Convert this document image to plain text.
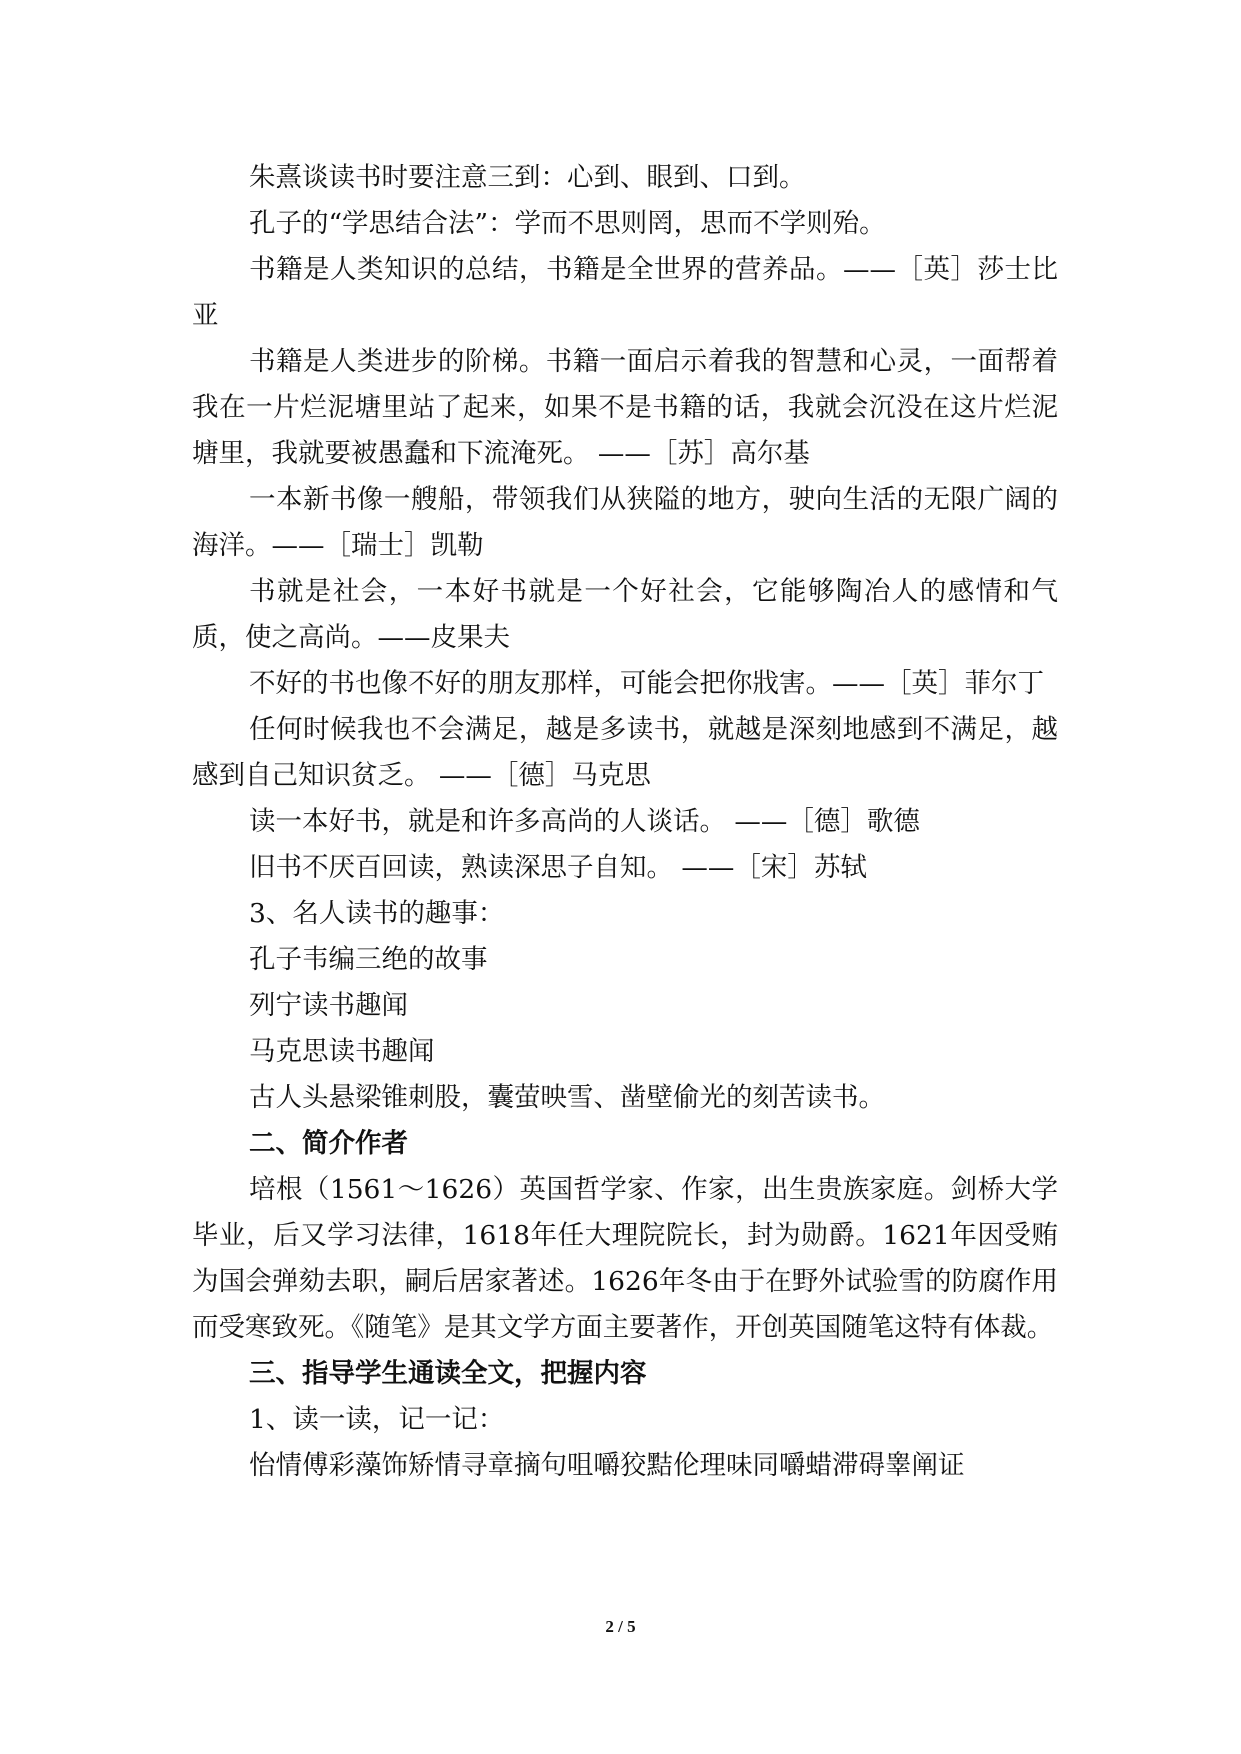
朱熹谈读书时要注意三到：心到、眼到、口到。

孔子的“学思结合法”：学而不思则罔，思而不学则殆。

书籍是人类知识的总结，书籍是全世界的营养品。——［英］莎士比亚

书籍是人类进步的阶梯。书籍一面启示着我的智慧和心灵，一面帮着我在一片烂泥塘里站了起来，如果不是书籍的话，我就会沉没在这片烂泥塘里，我就要被愚蠢和下流淹死。 ——［苏］高尔基

一本新书像一艘船，带领我们从狭隘的地方，驶向生活的无限广阔的海洋。——［瑞士］凯勒

书就是社会，一本好书就是一个好社会，它能够陶冶人的感情和气质，使之高尚。——皮果夫

不好的书也像不好的朋友那样，可能会把你戕害。——［英］菲尔丁

任何时候我也不会满足，越是多读书，就越是深刻地感到不满足，越感到自己知识贫乏。 ——［德］马克思

读一本好书，就是和许多高尚的人谈话。 ——［德］歌德

旧书不厌百回读，熟读深思子自知。 ——［宋］苏轼

3、名人读书的趣事：

孔子韦编三绝的故事

列宁读书趣闻

马克思读书趣闻

古人头悬梁锥刺股，囊萤映雪、凿壁偷光的刻苦读书。

二、简介作者

培根（1561～1626）英国哲学家、作家，出生贵族家庭。剑桥大学毕业，后又学习法律，1618年任大理院院长，封为勋爵。1621年因受贿为国会弹劾去职，嗣后居家著述。1626年冬由于在野外试验雪的防腐作用而受寒致死。《随笔》是其文学方面主要著作，开创英国随笔这特有体裁。

三、指导学生通读全文，把握内容

1、读一读，记一记：

怡情傅彩藻饰矫情寻章摘句咀嚼狡黠伦理味同嚼蜡滞碍睾阐证

2 / 5
